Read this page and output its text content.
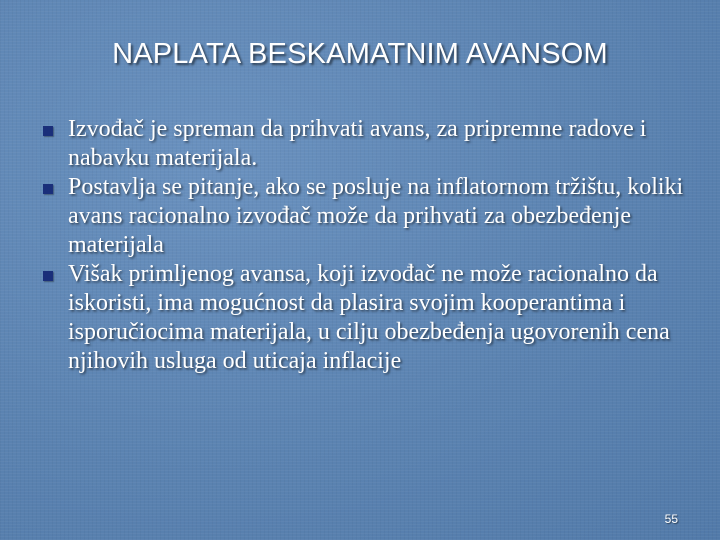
NAPLATA BESKAMATNIM AVANSOM
Izvođač je spreman da prihvati avans, za pripremne radove i nabavku materijala.
Postavlja se pitanje, ako se posluje na inflatornom tržištu, koliki avans racionalno izvođač može da prihvati za obezbeđenje materijala
Višak primljenog avansa, koji izvođač ne može racionalno da iskoristi, ima mogućnost da plasira svojim kooperantima i isporučiocima materijala, u cilju obezbeđenja ugovorenih cena njihovih usluga od uticaja inflacije
55
